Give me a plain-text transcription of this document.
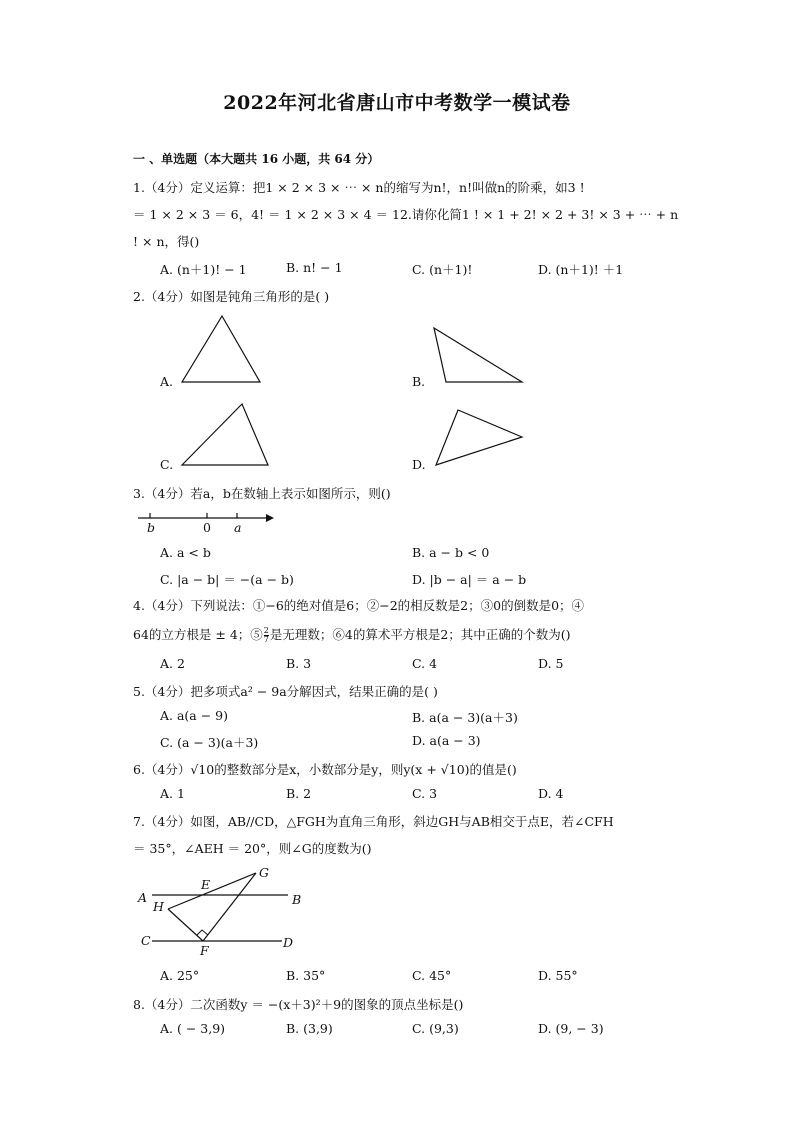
2022年河北省唐山市中考数学一模试卷
一 、单选题（本大题共 16 小题，共 64 分）
1.（4分）定义运算：把1 × 2 × 3 × ⋯ × n的缩写为n!，n!叫做n的阶乘，如3 !
＝ 1 × 2 × 3 ＝ 6，4! ＝ 1 × 2 × 3 × 4 ＝ 12.请你化简1 ! × 1 + 2! × 2 + 3! × 3 + ⋯ + n
! × n，得()
A. (n＋1)! − 1	B. n! − 1	C. (n＋1)!	D. (n＋1)! ＋1
2.（4分）如图是钝角三角形的是( )
A.	B.
C.	D.
3.（4分）若a，b在数轴上表示如图所示，则()
b	0 a
A. a < b	B. a − b < 0
C. |a − b| ＝ −(a − b)	D. |b − a| ＝ a − b
4.（4分）下列说法：①−6的绝对值是6；②−2的相反数是2；③0的倒数是0；④
64的立方根是 ± 4；⑤ $\frac{2}{7}$ 是无理数；⑥4的算术平方根是2；其中正确的个数为()
A. 2	B. 3	C. 4	D. 5
5.（4分）把多项式a² − 9a分解因式，结果正确的是( )
A. a(a − 9)	B. a(a − 3)(a＋3)
C. (a − 3)(a＋3)	D. a(a − 3)
6.（4分）√10的整数部分是x，小数部分是y，则y(x + √10)的值是()
A. 1	B. 2	C. 3	D. 4
7.（4分）如图，AB//CD，△FGH为直角三角形，斜边GH与AB相交于点E，若∠CFH
＝ 35°，∠AEH ＝ 20°，则∠G的度数为()
A	B
C	D
E
F
G
H
A. 25°	B. 35°	C. 45°	D. 55°
8.（4分）二次函数y ＝ −(x＋3)²＋9的图象的顶点坐标是()
A. ( − 3,9)	B. (3,9)	C. (9,3)	D. (9, − 3)
